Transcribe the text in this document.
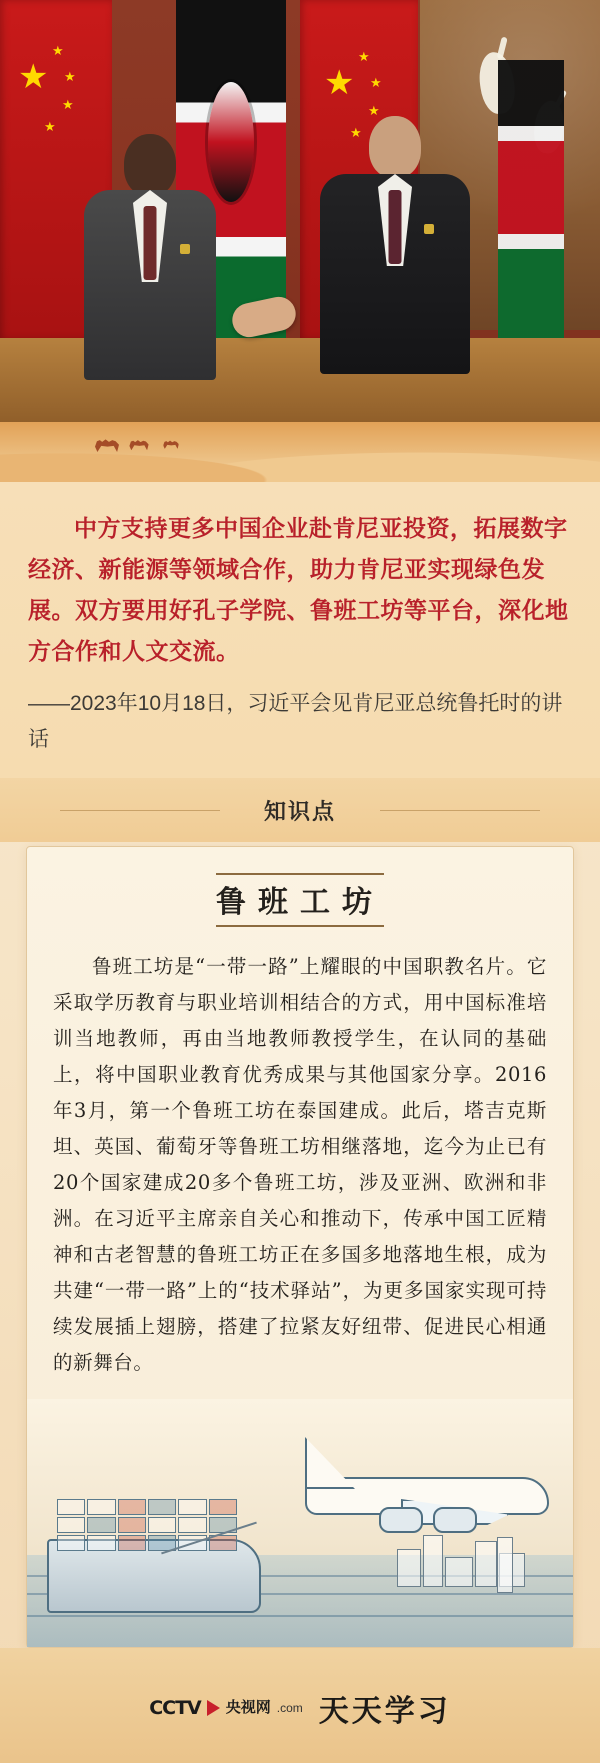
★
★
★
★
★
★
★
★
★
★
中方支持更多中国企业赴肯尼亚投资，拓展数字经济、新能源等领域合作，助力肯尼亚实现绿色发展。双方要用好孔子学院、鲁班工坊等平台，深化地方合作和人文交流。
——2023年10月18日，习近平会见肯尼亚总统鲁托时的讲话
知识点
鲁班工坊
鲁班工坊是“一带一路”上耀眼的中国职教名片。它采取学历教育与职业培训相结合的方式，用中国标准培训当地教师，再由当地教师教授学生，在认同的基础上，将中国职业教育优秀成果与其他国家分享。2016年3月，第一个鲁班工坊在泰国建成。此后，塔吉克斯坦、英国、葡萄牙等鲁班工坊相继落地，迄今为止已有20个国家建成20多个鲁班工坊，涉及亚洲、欧洲和非洲。在习近平主席亲自关心和推动下，传承中国工匠精神和古老智慧的鲁班工坊正在多国多地落地生根，成为共建“一带一路”上的“技术驿站”，为更多国家实现可持续发展插上翅膀，搭建了拉紧友好纽带、促进民心相通的新舞台。
CCTV 央视网 .com 天天学习
